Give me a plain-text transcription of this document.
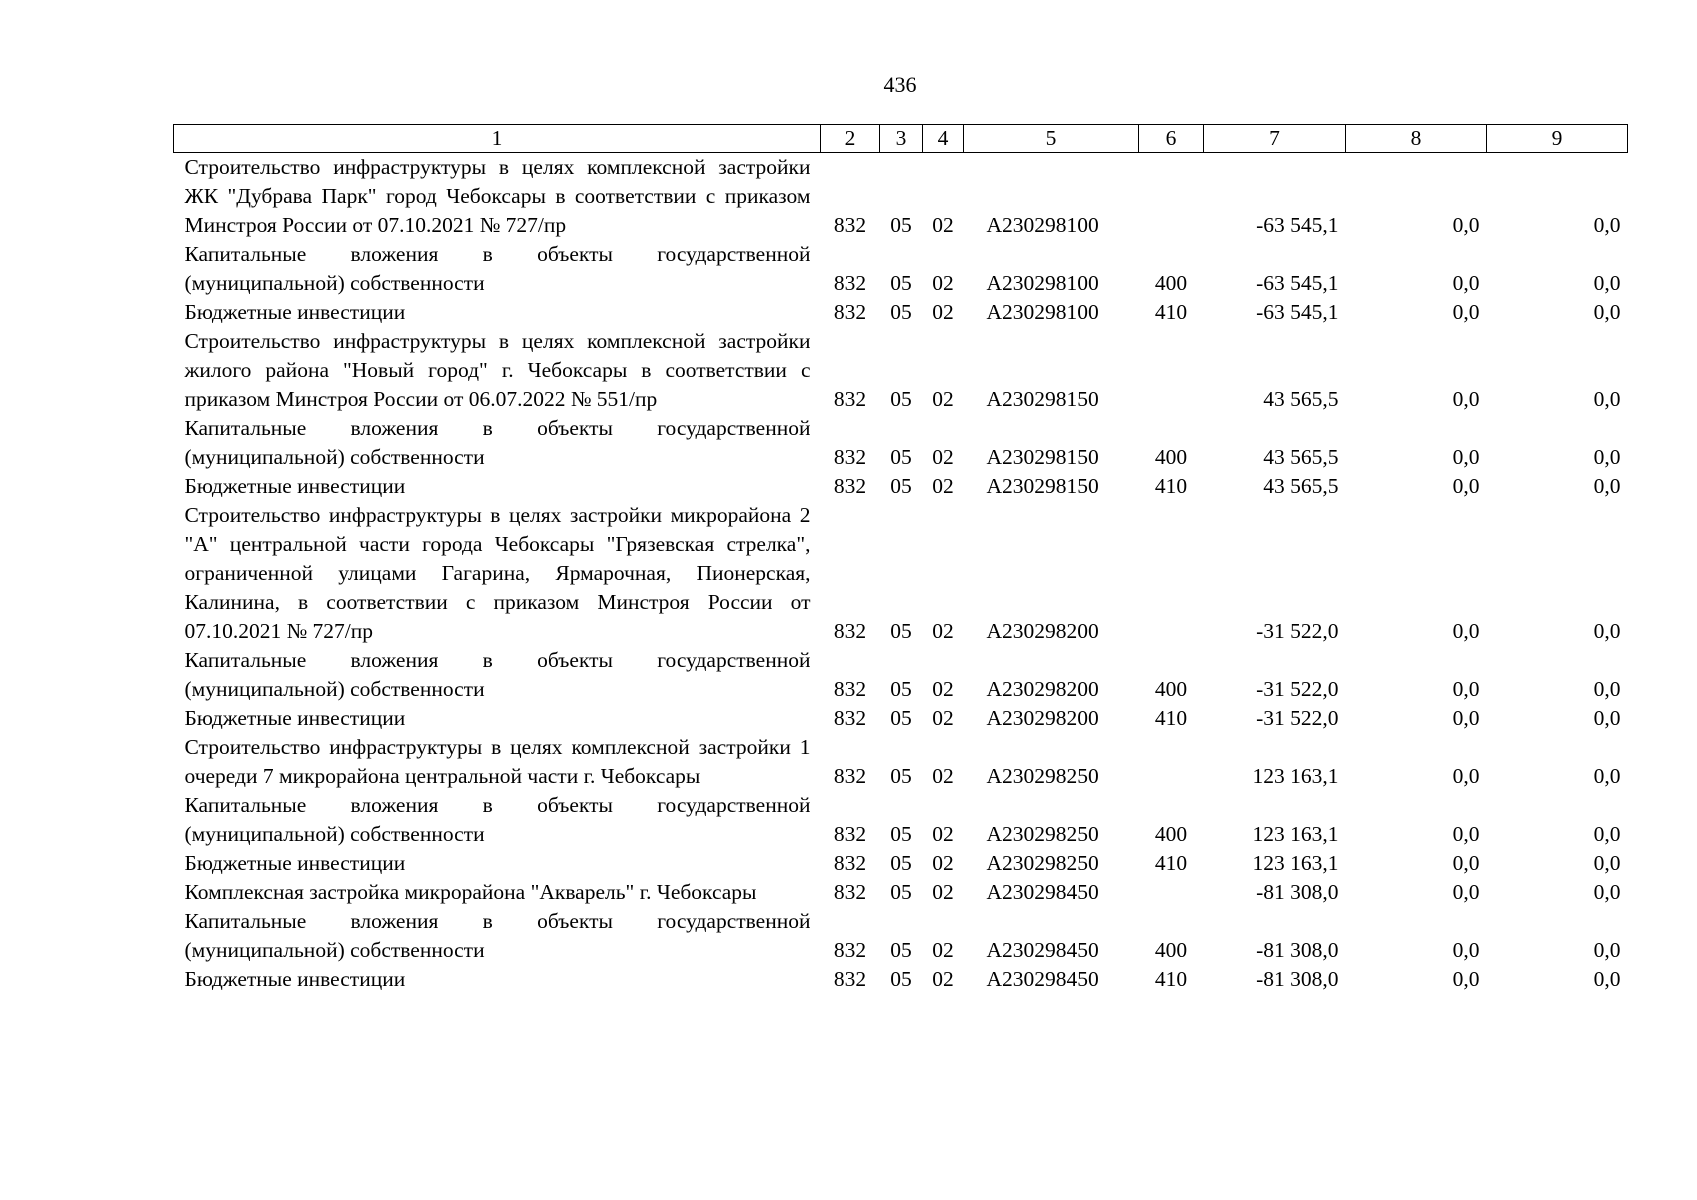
436
1	2	3	4	5	6	7	8	9
Строительство инфраструктуры в целях комплексной застройки ЖК "Дубрава Парк" город Чебоксары в соответствии с приказом Минстроя России от 07.10.2021 № 727/пр	832	05	02	A230298100		-63 545,1	0,0	0,0
Капитальные вложения в объекты государственной (муниципальной) собственности	832	05	02	A230298100	400	-63 545,1	0,0	0,0
Бюджетные инвестиции	832	05	02	A230298100	410	-63 545,1	0,0	0,0
Строительство инфраструктуры в целях комплексной застройки жилого района "Новый город" г. Чебоксары в соответствии с приказом Минстроя России от 06.07.2022 № 551/пр	832	05	02	A230298150		43 565,5	0,0	0,0
Капитальные вложения в объекты государственной (муниципальной) собственности	832	05	02	A230298150	400	43 565,5	0,0	0,0
Бюджетные инвестиции	832	05	02	A230298150	410	43 565,5	0,0	0,0
Строительство инфраструктуры в целях застройки микрорайона 2 "А" центральной части города Чебоксары "Грязевская стрелка", ограниченной улицами Гагарина, Ярмарочная, Пионерская, Калинина, в соответствии с приказом Минстроя России от 07.10.2021 № 727/пр	832	05	02	A230298200		-31 522,0	0,0	0,0
Капитальные вложения в объекты государственной (муниципальной) собственности	832	05	02	A230298200	400	-31 522,0	0,0	0,0
Бюджетные инвестиции	832	05	02	A230298200	410	-31 522,0	0,0	0,0
Строительство инфраструктуры в целях комплексной застройки 1 очереди 7 микрорайона центральной части г. Чебоксары	832	05	02	A230298250		123 163,1	0,0	0,0
Капитальные вложения в объекты государственной (муниципальной) собственности	832	05	02	A230298250	400	123 163,1	0,0	0,0
Бюджетные инвестиции	832	05	02	A230298250	410	123 163,1	0,0	0,0
Комплексная застройка микрорайона "Акварель" г. Чебоксары	832	05	02	A230298450		-81 308,0	0,0	0,0
Капитальные вложения в объекты государственной (муниципальной) собственности	832	05	02	A230298450	400	-81 308,0	0,0	0,0
Бюджетные инвестиции	832	05	02	A230298450	410	-81 308,0	0,0	0,0
